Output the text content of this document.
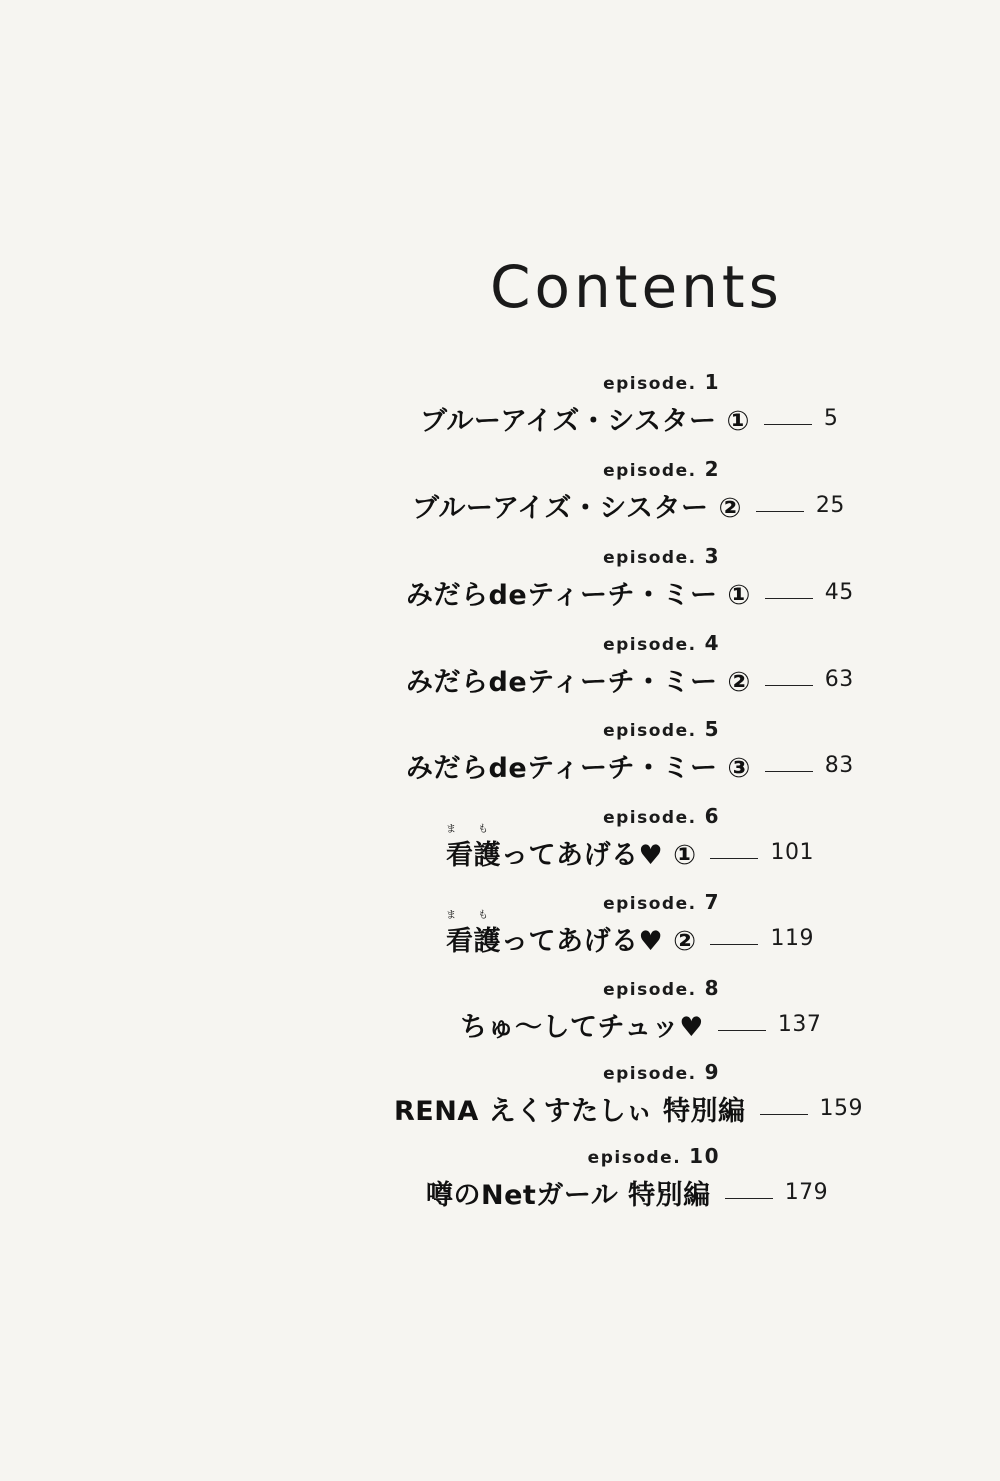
Contents
episode. 1
ブルーアイズ・シスター ①	5
episode. 2
ブルーアイズ・シスター ②	25
episode. 3
みだらdeティーチ・ミー ①	45
episode. 4
みだらdeティーチ・ミー ②	63
episode. 5
みだらdeティーチ・ミー ③	83
episode. 6
まも
看護ってあげる♥ ①	101
episode. 7
まも
看護ってあげる♥ ②	119
episode. 8
ちゅ〜してチュッ♥	137
episode. 9
RENA えくすたしぃ 特別編	159
episode. 10
噂のNetガール 特別編	179
